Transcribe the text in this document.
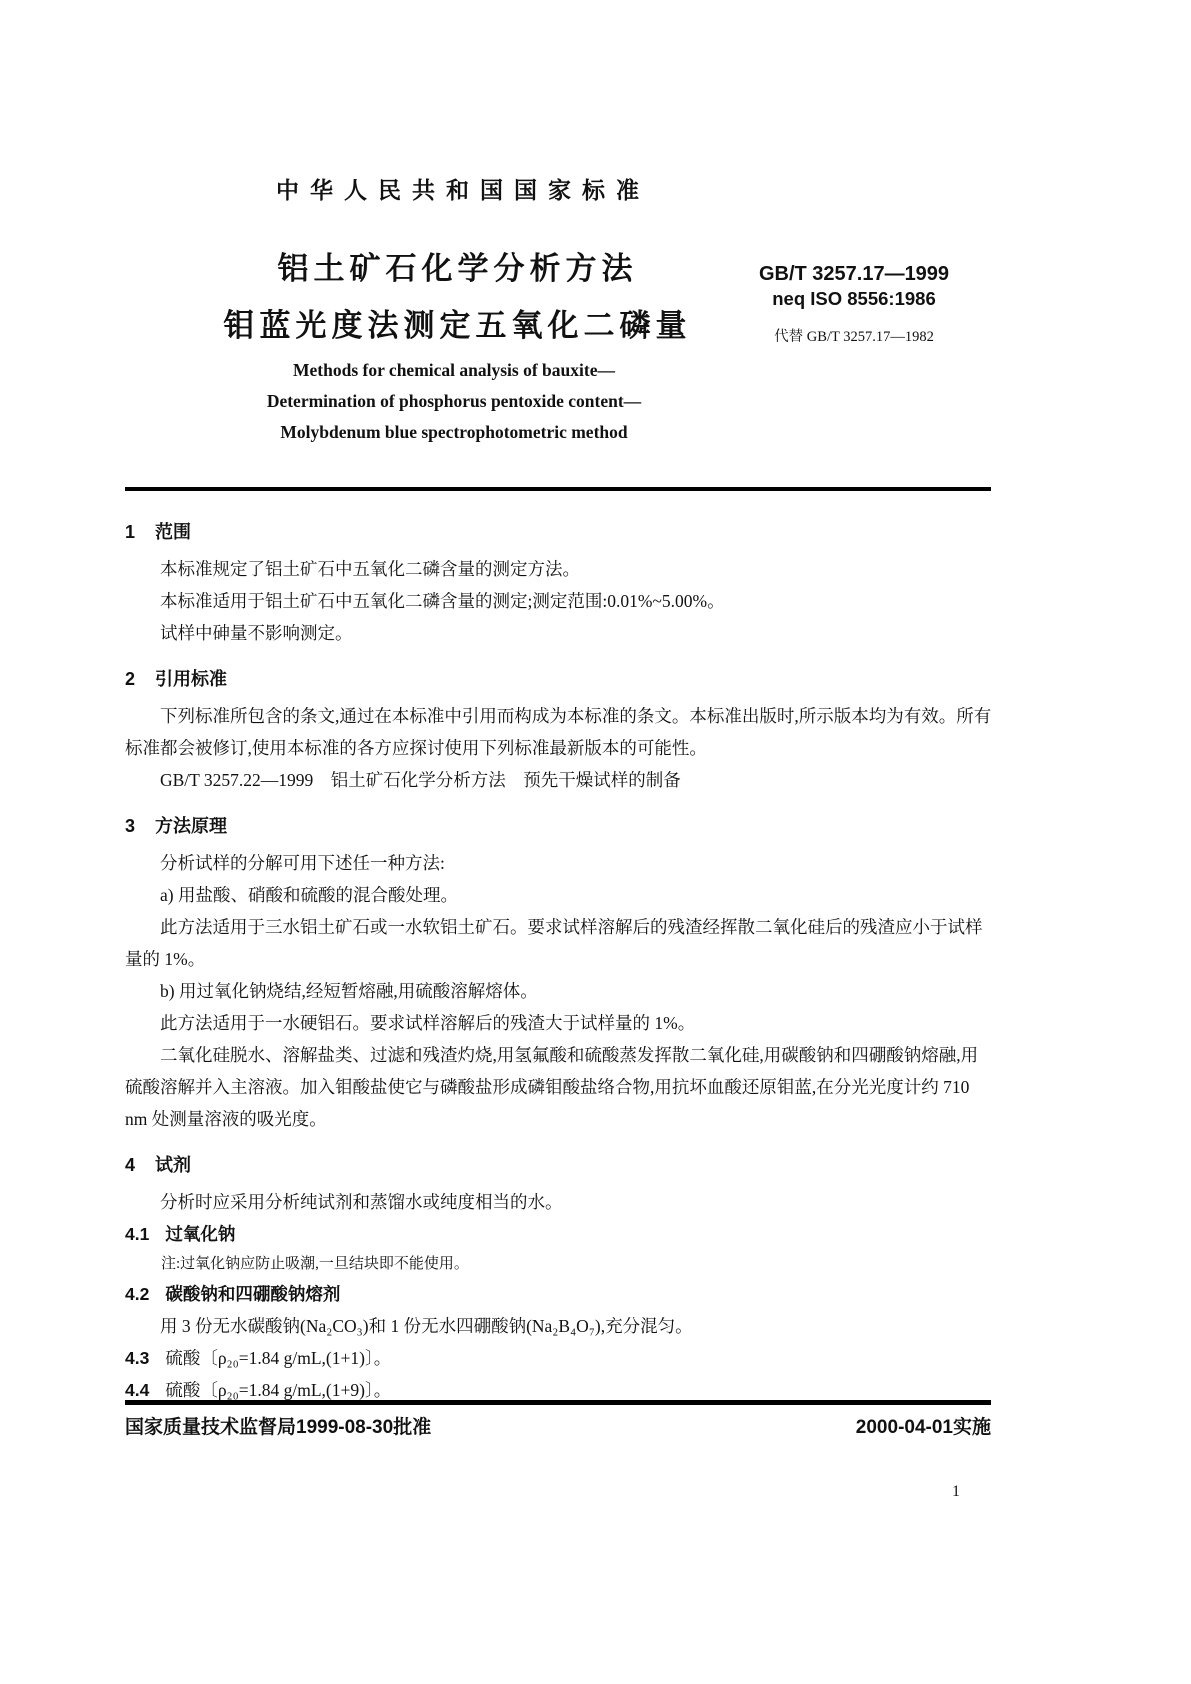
中华人民共和国国家标准
铝土矿石化学分析方法
钼蓝光度法测定五氧化二磷量
GB/T 3257.17—1999
neq ISO 8556:1986
代替 GB/T 3257.17—1982
Methods for chemical analysis of bauxite—
Determination of phosphorus pentoxide content—
Molybdenum blue spectrophotometric method
1 范围
本标准规定了铝土矿石中五氧化二磷含量的测定方法。
本标准适用于铝土矿石中五氧化二磷含量的测定;测定范围:0.01%~5.00%。
试样中砷量不影响测定。
2 引用标准
下列标准所包含的条文,通过在本标准中引用而构成为本标准的条文。本标准出版时,所示版本均为有效。所有标准都会被修订,使用本标准的各方应探讨使用下列标准最新版本的可能性。
GB/T 3257.22—1999　铝土矿石化学分析方法　预先干燥试样的制备
3 方法原理
分析试样的分解可用下述任一种方法:
a) 用盐酸、硝酸和硫酸的混合酸处理。
此方法适用于三水铝土矿石或一水软铝土矿石。要求试样溶解后的残渣经挥散二氧化硅后的残渣应小于试样量的 1%。
b) 用过氧化钠烧结,经短暂熔融,用硫酸溶解熔体。
此方法适用于一水硬铝石。要求试样溶解后的残渣大于试样量的 1%。
二氧化硅脱水、溶解盐类、过滤和残渣灼烧,用氢氟酸和硫酸蒸发挥散二氧化硅,用碳酸钠和四硼酸钠熔融,用硫酸溶解并入主溶液。加入钼酸盐使它与磷酸盐形成磷钼酸盐络合物,用抗坏血酸还原钼蓝,在分光光度计约 710 nm 处测量溶液的吸光度。
4 试剂
分析时应采用分析纯试剂和蒸馏水或纯度相当的水。
4.1 过氧化钠
注:过氧化钠应防止吸潮,一旦结块即不能使用。
4.2 碳酸钠和四硼酸钠熔剂
用 3 份无水碳酸钠(Na₂CO₃)和 1 份无水四硼酸钠(Na₂B₄O₇),充分混匀。
4.3 硫酸〔ρ₂₀=1.84 g/mL,(1+1)〕。
4.4 硫酸〔ρ₂₀=1.84 g/mL,(1+9)〕。
国家质量技术监督局1999-08-30批准	2000-04-01实施
1
